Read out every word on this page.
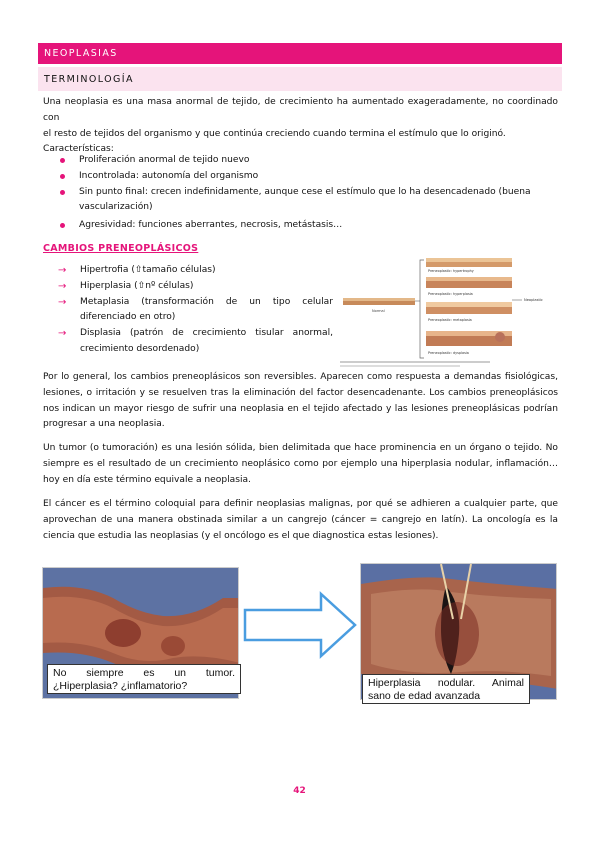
NEOPLASIAS
TERMINOLOGÍA
Una neoplasia es una masa anormal de tejido, de crecimiento ha aumentado exageradamente, no coordinado con
el resto de tejidos del organismo y que continúa creciendo cuando termina el estímulo que lo originó.
Características:
Proliferación anormal de tejido nuevo
Incontrolada: autonomía del organismo
Sin punto final: crecen indefinidamente, aunque cese el estímulo que lo ha desencadenado (buena
vascularización)
Agresividad: funciones aberrantes, necrosis, metástasis…
CAMBIOS PRENEOPLÁSICOS
→ Hipertrofia (⇧tamaño células)
→ Hiperplasia (⇧nº células)
→ Metaplasia (transformación de un tipo celular diferenciado en otro)
→ Displasia (patrón de crecimiento tisular anormal, crecimiento desordenado)
Normal
Preneoplastic: hypertrophy
Preneoplastic: hyperplasia
Preneoplastic: metaplasia
Preneoplastic: dysplasia
Neoplastic
Por lo general, los cambios preneoplásicos son reversibles. Aparecen como respuesta a demandas fisiológicas, lesiones, o irritación y se resuelven tras la eliminación del factor desencadenante. Los cambios preneoplásicos nos indican un mayor riesgo de sufrir una neoplasia en el tejido afectado y las lesiones preneoplásicas podrían progresar a una neoplasia.
Un tumor (o tumoración) es una lesión sólida, bien delimitada que hace prominencia en un órgano o tejido. No siempre es el resultado de un crecimiento neoplásico como por ejemplo una hiperplasia nodular, inflamación… hoy en día este término equivale a neoplasia.
El cáncer es el término coloquial para definir neoplasias malignas, por qué se adhieren a cualquier parte, que aprovechan de una manera obstinada similar a un cangrejo (cáncer = cangrejo en latín). La oncología es la ciencia que estudia las neoplasias (y el oncólogo es el que diagnostica estas lesiones).
No siempre es un tumor.
¿Hiperplasia? ¿inflamatorio?	Hiperplasia nodular. Animal
sano de edad avanzada
42
